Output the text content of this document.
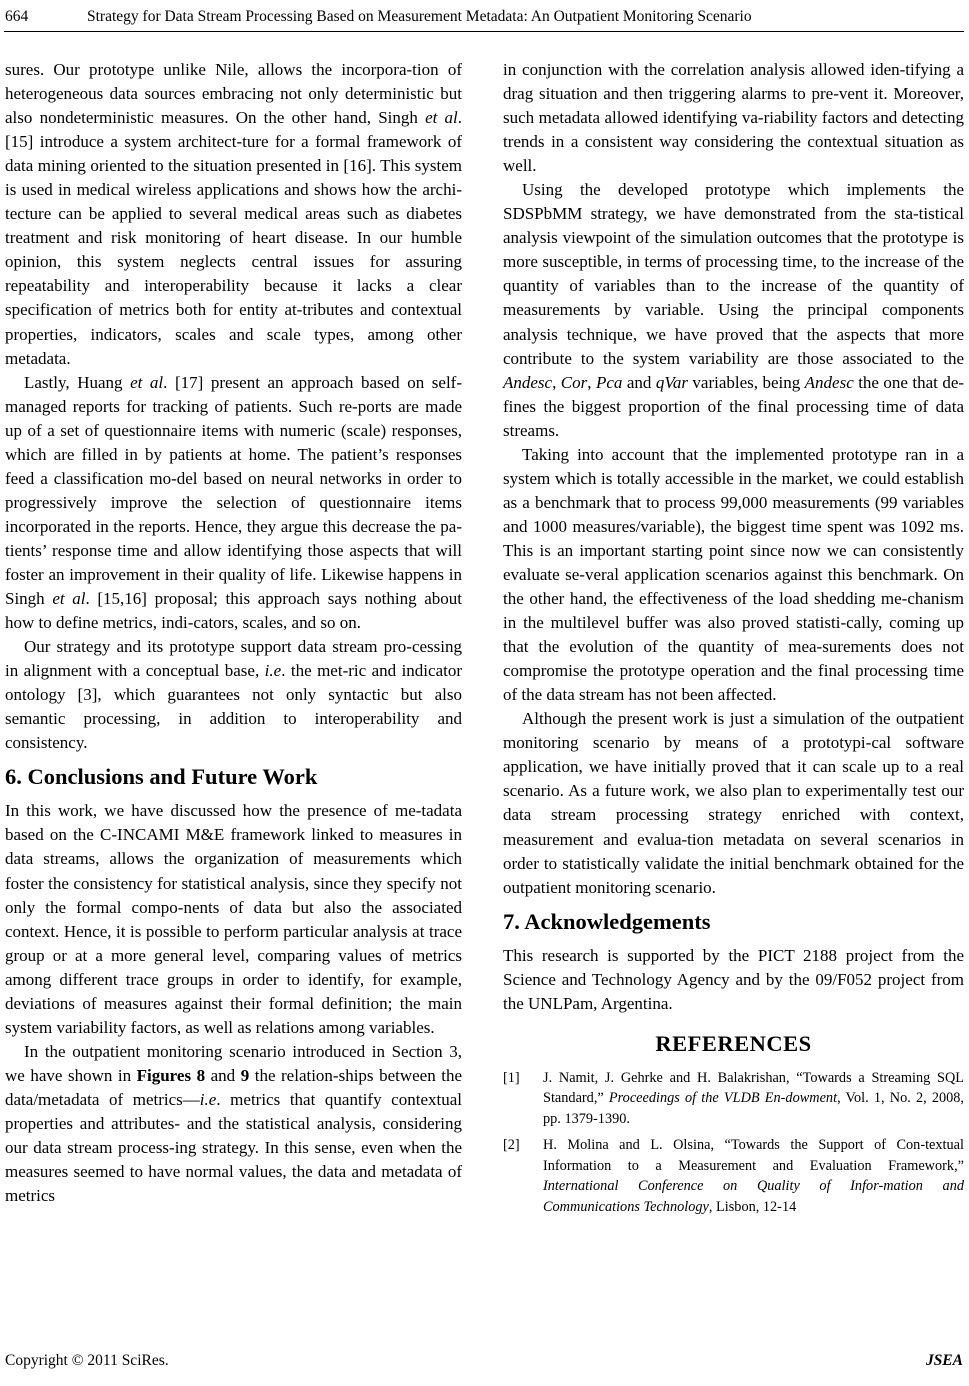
664	Strategy for Data Stream Processing Based on Measurement Metadata: An Outpatient Monitoring Scenario

sures. Our prototype unlike Nile, allows the incorpora-tion of heterogeneous data sources embracing not only deterministic but also nondeterministic measures. On the other hand, Singh et al. [15] introduce a system architect-ture for a formal framework of data mining oriented to the situation presented in [16]. This system is used in medical wireless applications and shows how the archi-tecture can be applied to several medical areas such as diabetes treatment and risk monitoring of heart disease. In our humble opinion, this system neglects central issues for assuring repeatability and interoperability because it lacks a clear specification of metrics both for entity at-tributes and contextual properties, indicators, scales and scale types, among other metadata.

Lastly, Huang et al. [17] present an approach based on self-managed reports for tracking of patients. Such re-ports are made up of a set of questionnaire items with numeric (scale) responses, which are filled in by patients at home. The patient’s responses feed a classification mo-del based on neural networks in order to progressively improve the selection of questionnaire items incorporated in the reports. Hence, they argue this decrease the pa-tients’ response time and allow identifying those aspects that will foster an improvement in their quality of life. Likewise happens in Singh et al. [15,16] proposal; this approach says nothing about how to define metrics, indi-cators, scales, and so on.

Our strategy and its prototype support data stream pro-cessing in alignment with a conceptual base, i.e. the met-ric and indicator ontology [3], which guarantees not only syntactic but also semantic processing, in addition to interoperability and consistency.

6. Conclusions and Future Work

In this work, we have discussed how the presence of me-tadata based on the C-INCAMI M&E framework linked to measures in data streams, allows the organization of measurements which foster the consistency for statistical analysis, since they specify not only the formal compo-nents of data but also the associated context. Hence, it is possible to perform particular analysis at trace group or at a more general level, comparing values of metrics among different trace groups in order to identify, for example, deviations of measures against their formal definition; the main system variability factors, as well as relations among variables.

In the outpatient monitoring scenario introduced in Section 3, we have shown in Figures 8 and 9 the relation-ships between the data/metadata of metrics—i.e. metrics that quantify contextual properties and attributes- and the statistical analysis, considering our data stream process-ing strategy. In this sense, even when the measures seemed to have normal values, the data and metadata of metrics

in conjunction with the correlation analysis allowed iden-tifying a drag situation and then triggering alarms to pre-vent it. Moreover, such metadata allowed identifying va-riability factors and detecting trends in a consistent way considering the contextual situation as well.

Using the developed prototype which implements the SDSPbMM strategy, we have demonstrated from the sta-tistical analysis viewpoint of the simulation outcomes that the prototype is more susceptible, in terms of processing time, to the increase of the quantity of variables than to the increase of the quantity of measurements by variable. Using the principal components analysis technique, we have proved that the aspects that more contribute to the system variability are those associated to the Andesc, Cor, Pca and qVar variables, being Andesc the one that de-fines the biggest proportion of the final processing time of data streams.

Taking into account that the implemented prototype ran in a system which is totally accessible in the market, we could establish as a benchmark that to process 99,000 measurements (99 variables and 1000 measures/variable), the biggest time spent was 1092 ms. This is an important starting point since now we can consistently evaluate se-veral application scenarios against this benchmark. On the other hand, the effectiveness of the load shedding me-chanism in the multilevel buffer was also proved statisti-cally, coming up that the evolution of the quantity of mea-surements does not compromise the prototype operation and the final processing time of the data stream has not been affected.

Although the present work is just a simulation of the outpatient monitoring scenario by means of a prototypi-cal software application, we have initially proved that it can scale up to a real scenario. As a future work, we also plan to experimentally test our data stream processing strategy enriched with context, measurement and evalua-tion metadata on several scenarios in order to statistically validate the initial benchmark obtained for the outpatient monitoring scenario.

7. Acknowledgements

This research is supported by the PICT 2188 project from the Science and Technology Agency and by the 09/F052 project from the UNLPam, Argentina.

REFERENCES
[1] J. Namit, J. Gehrke and H. Balakrishan, “Towards a Streaming SQL Standard,” Proceedings of the VLDB En-dowment, Vol. 1, No. 2, 2008, pp. 1379-1390.
[2] H. Molina and L. Olsina, “Towards the Support of Con-textual Information to a Measurement and Evaluation Framework,” International Conference on Quality of Infor-mation and Communications Technology, Lisbon, 12-14
Copyright © 2011 SciRes.	JSEA
